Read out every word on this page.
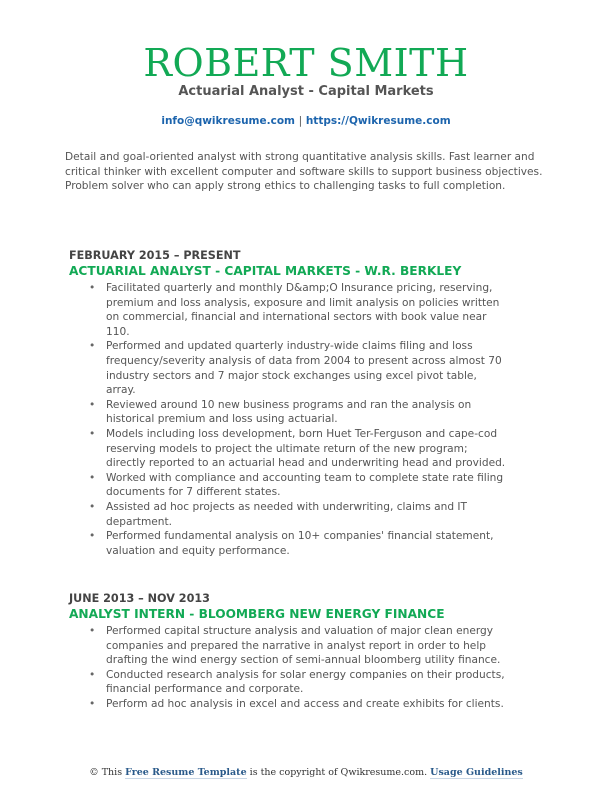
ROBERT SMITH
Actuarial Analyst - Capital Markets
info@qwikresume.com | https://Qwikresume.com

Detail and goal-oriented analyst with strong quantitative analysis skills. Fast learner and critical thinker with excellent computer and software skills to support business objectives. Problem solver who can apply strong ethics to challenging tasks to full completion.

FEBRUARY 2015 – PRESENT
ACTUARIAL ANALYST - CAPITAL MARKETS - W.R. BERKLEY
• Facilitated quarterly and monthly D&amp;O Insurance pricing, reserving, premium and loss analysis, exposure and limit analysis on policies written on commercial, financial and international sectors with book value near 110.
• Performed and updated quarterly industry-wide claims filing and loss frequency/severity analysis of data from 2004 to present across almost 70 industry sectors and 7 major stock exchanges using excel pivot table, array.
• Reviewed around 10 new business programs and ran the analysis on historical premium and loss using actuarial.
• Models including loss development, born Huet Ter-Ferguson and cape-cod reserving models to project the ultimate return of the new program; directly reported to an actuarial head and underwriting head and provided.
• Worked with compliance and accounting team to complete state rate filing documents for 7 different states.
• Assisted ad hoc projects as needed with underwriting, claims and IT department.
• Performed fundamental analysis on 10+ companies' financial statement, valuation and equity performance.
JUNE 2013 – NOV 2013
ANALYST INTERN - BLOOMBERG NEW ENERGY FINANCE
• Performed capital structure analysis and valuation of major clean energy companies and prepared the narrative in analyst report in order to help drafting the wind energy section of semi-annual bloomberg utility finance.
• Conducted research analysis for solar energy companies on their products, financial performance and corporate.
• Perform ad hoc analysis in excel and access and create exhibits for clients.
© This Free Resume Template is the copyright of Qwikresume.com. Usage Guidelines
